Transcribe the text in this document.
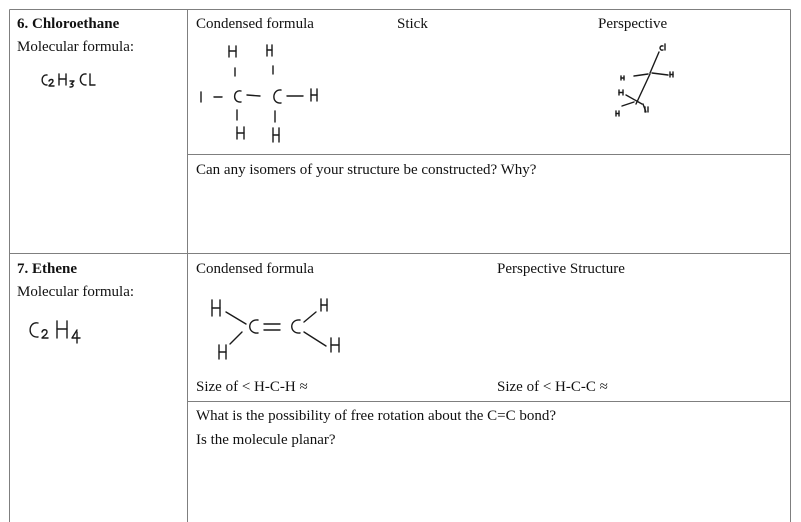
6. Chloroethane
Molecular formula:
Condensed formula	Stick	Perspective
Can any isomers of your structure be constructed? Why?
7. Ethene
Molecular formula:
Condensed formula	Perspective Structure
Size of < H-C-H ≈	Size of < H-C-C ≈
What is the possibility of free rotation about the C=C bond?
Is the molecule planar?
